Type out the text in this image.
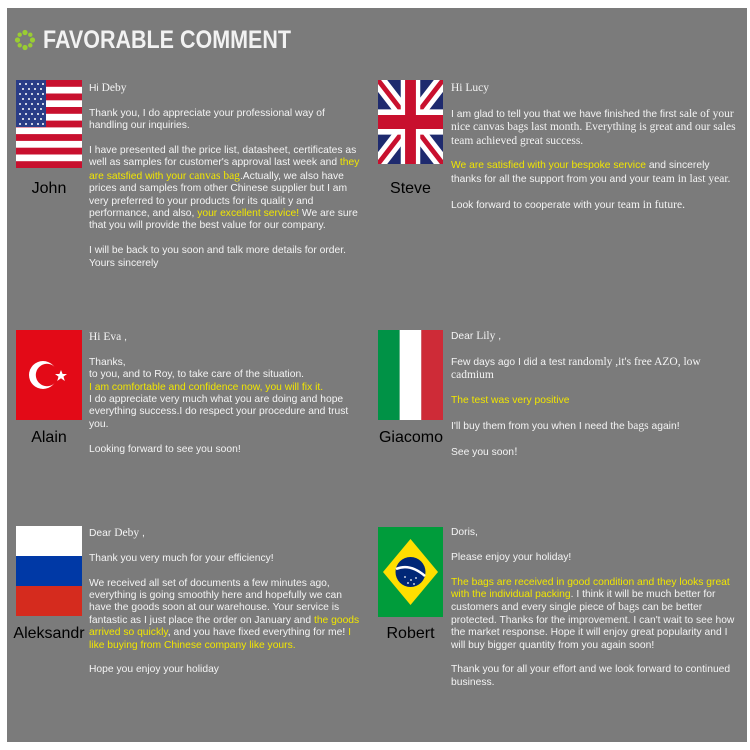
FAVORABLE COMMENT
John

Hi Deby

Thank you, I do appreciate your professional way of handling our inquiries.

I have presented all the price list, datasheet, certificates as well as samples for customer's approval last week and they are satsfied with your canvas bag.Actually, we also have prices and samples from other Chinese supplier but I am very preferred to your products for its qualit y and performance, and also, your excellent service! We are sure that you will provide the best value for our company.

I will be back to you soon and talk more details for order.
Yours sincerely

Steve

Hi Lucy

I am glad to tell you that we have finished the first sale of your nice canvas bags last month. Everything is great and our sales team achieved great success.

We are satisfied with your bespoke service and sincerely thanks for all the support from you and your team in last year.

Look forward to cooperate with your team in future.

Alain

Hi Eva ,

Thanks,
to you, and to Roy, to take care of the situation.
I am comfortable and confidence now, you will fix it.
I do appreciate very much what you are doing and hope everything success.I do respect your procedure and trust you.

Looking forward to see you soon!

Giacomo

Dear Lily ,

Few days ago I did a test randomly ,it's free AZO, low cadmium

The test was very positive

I'll buy them from you when I need the bags again!

See you soon!

Aleksandr

Dear Deby ,

Thank you very much for your efficiency!

We received all set of documents a few minutes ago, everything is going smoothly here and hopefully we can have the goods soon at our warehouse. Your service is fantastic as I just place the order on January and the goods arrived so quickly, and you have fixed everything for me! I like buying from Chinese company like yours.

Hope you enjoy your holiday

Robert

Doris,

Please enjoy your holiday!

The bags are received in good condition and they looks great with the individual packing. I think it will be much better for customers and every single piece of bags can be better protected. Thanks for the improvement. I can't wait to see how the market response. Hope it will enjoy great popularity and I will buy bigger quantity from you again soon!

Thank you for all your effort and we look forward to continued business.
